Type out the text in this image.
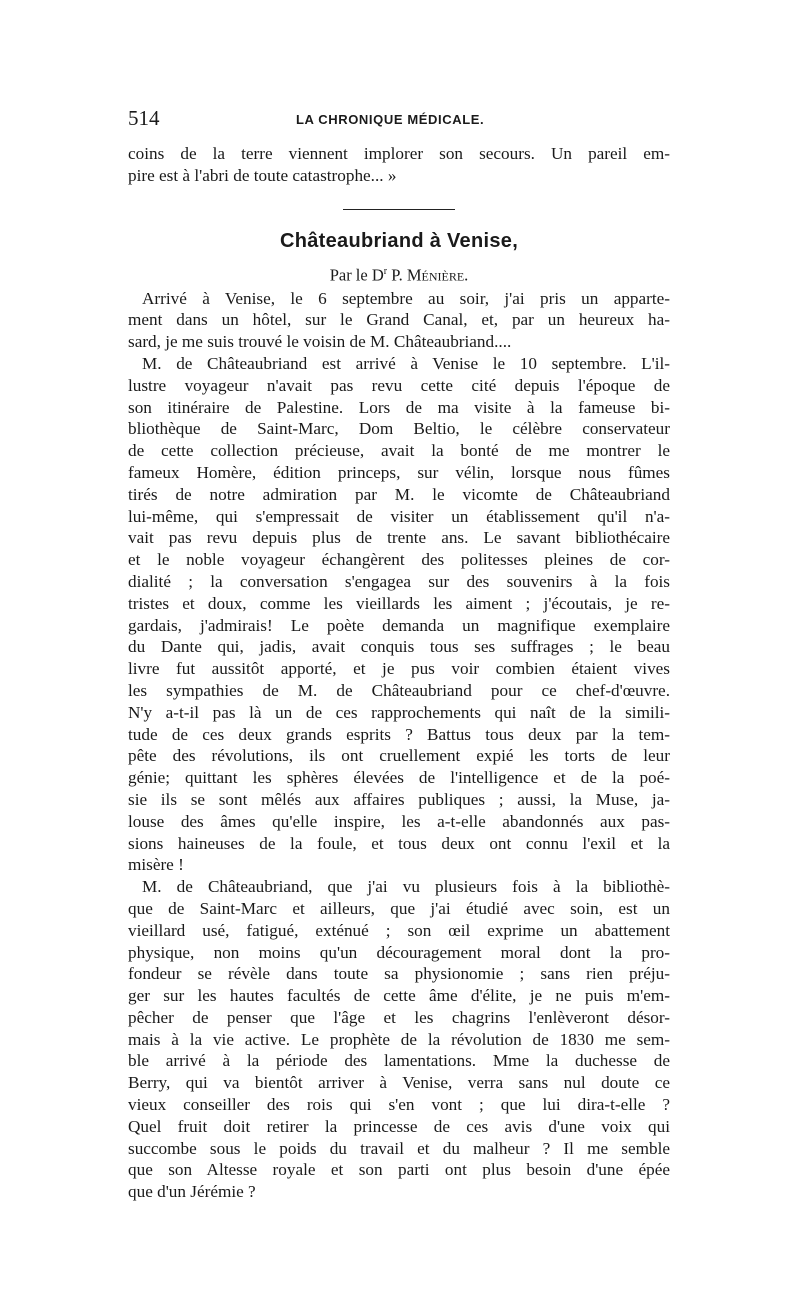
514	LA CHRONIQUE MÉDICALE.
coins de la terre viennent implorer son secours. Un pareil em-
pire est à l'abri de toute catastrophe... »
Châteaubriand à Venise,
Par le $D^r$ P. Ménière.
Arrivé à Venise, le 6 septembre au soir, j'ai pris un apparte-
ment dans un hôtel, sur le Grand Canal, et, par un heureux ha-
sard, je me suis trouvé le voisin de M. Châteaubriand....
M. de Châteaubriand est arrivé à Venise le 10 septembre. L'il-
lustre voyageur n'avait pas revu cette cité depuis l'époque de
son itinéraire de Palestine. Lors de ma visite à la fameuse bi-
bliothèque de Saint-Marc, Dom Beltio, le célèbre conservateur
de cette collection précieuse, avait la bonté de me montrer le
fameux Homère, édition princeps, sur vélin, lorsque nous fûmes
tirés de notre admiration par M. le vicomte de Châteaubriand
lui-même, qui s'empressait de visiter un établissement qu'il n'a-
vait pas revu depuis plus de trente ans. Le savant bibliothécaire
et le noble voyageur échangèrent des politesses pleines de cor-
dialité ; la conversation s'engagea sur des souvenirs à la fois
tristes et doux, comme les vieillards les aiment ; j'écoutais, je re-
gardais, j'admirais! Le poète demanda un magnifique exemplaire
du Dante qui, jadis, avait conquis tous ses suffrages ; le beau
livre fut aussitôt apporté, et je pus voir combien étaient vives
les sympathies de M. de Châteaubriand pour ce chef-d'œuvre.
N'y a-t-il pas là un de ces rapprochements qui naît de la simili-
tude de ces deux grands esprits ? Battus tous deux par la tem-
pête des révolutions, ils ont cruellement expié les torts de leur
génie; quittant les sphères élevées de l'intelligence et de la poé-
sie ils se sont mêlés aux affaires publiques ; aussi, la Muse, ja-
louse des âmes qu'elle inspire, les a-t-elle abandonnés aux pas-
sions haineuses de la foule, et tous deux ont connu l'exil et la
misère !
M. de Châteaubriand, que j'ai vu plusieurs fois à la bibliothè-
que de Saint-Marc et ailleurs, que j'ai étudié avec soin, est un
vieillard usé, fatigué, exténué ; son œil exprime un abattement
physique, non moins qu'un découragement moral dont la pro-
fondeur se révèle dans toute sa physionomie ; sans rien préju-
ger sur les hautes facultés de cette âme d'élite, je ne puis m'em-
pêcher de penser que l'âge et les chagrins l'enlèveront désor-
mais à la vie active. Le prophète de la révolution de 1830 me sem-
ble arrivé à la période des lamentations. Mme la duchesse de
Berry, qui va bientôt arriver à Venise, verra sans nul doute ce
vieux conseiller des rois qui s'en vont ; que lui dira-t-elle ?
Quel fruit doit retirer la princesse de ces avis d'une voix qui
succombe sous le poids du travail et du malheur ? Il me semble
que son Altesse royale et son parti ont plus besoin d'une épée
que d'un Jérémie ?
